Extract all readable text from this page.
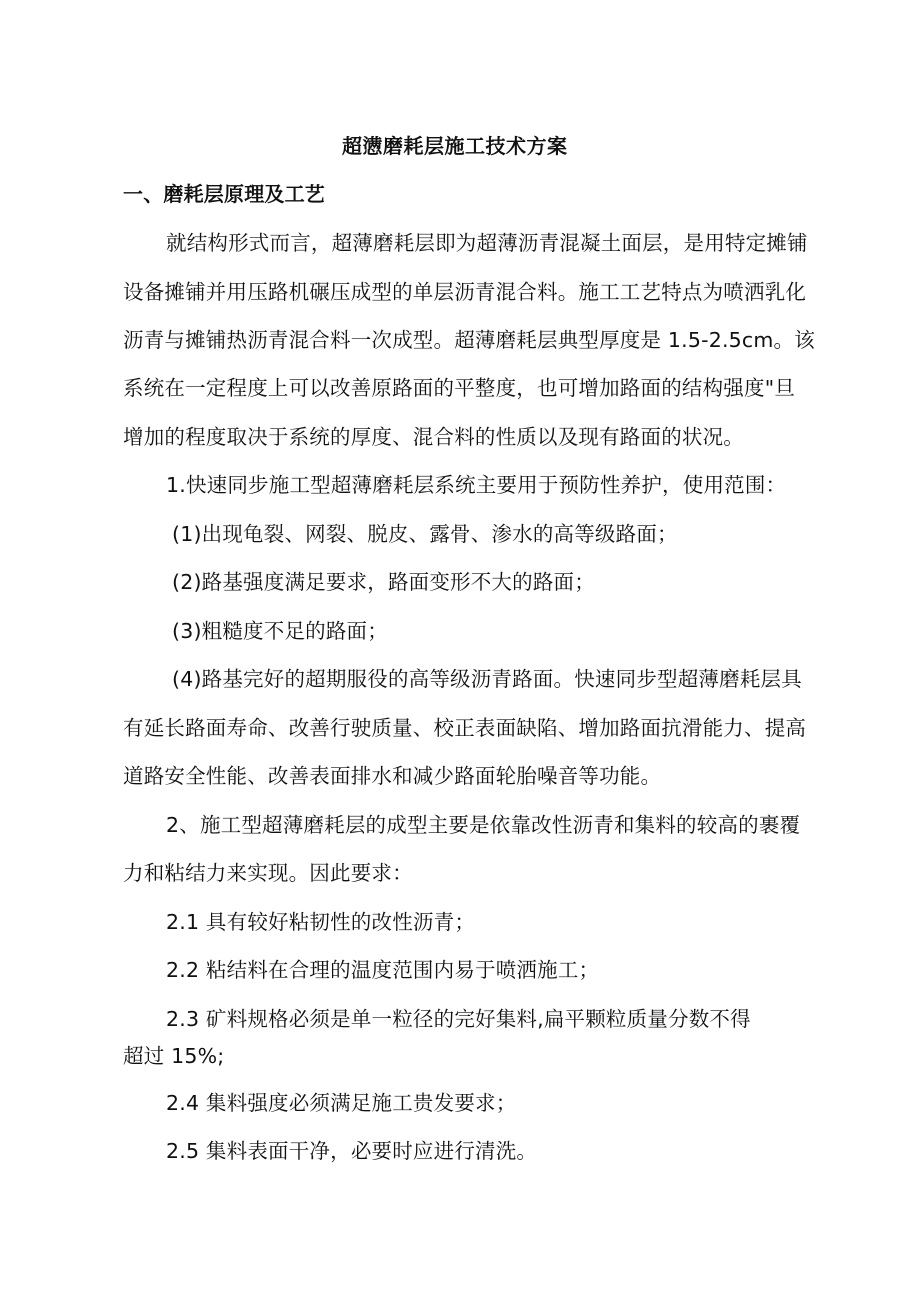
超懑磨耗层施工技术方案
一、磨耗层原理及工艺
就结构形式而言，超薄磨耗层即为超薄沥青混凝土面层，是用特定摊铺
设备摊铺并用压路机碾压成型的单层沥青混合料。施工工艺特点为喷洒乳化
沥青与摊铺热沥青混合料一次成型。超薄磨耗层典型厚度是 1.5-2.5cm。该
系统在一定程度上可以改善原路面的平整度，也可增加路面的结构强度"旦
增加的程度取决于系统的厚度、混合料的性质以及现有路面的状况。
1.快速同步施工型超薄磨耗层系统主要用于预防性养护，使用范围：
(1)出现龟裂、网裂、脱皮、露骨、渗水的高等级路面；
(2)路基强度满足要求，路面变形不大的路面；
(3)粗糙度不足的路面；
(4)路基完好的超期服役的高等级沥青路面。快速同步型超薄磨耗层具
有延长路面寿命、改善行驶质量、校正表面缺陷、增加路面抗滑能力、提高
道路安全性能、改善表面排水和减少路面轮胎噪音等功能。
2、施工型超薄磨耗层的成型主要是依靠改性沥青和集料的较高的裹覆
力和粘结力来实现。因此要求：
2.1 具有较好粘韧性的改性沥青；
2.2 粘结料在合理的温度范围内易于喷洒施工；
2.3 矿料规格必须是单一粒径的完好集料,扁平颗粒质量分数不得
超过 15%;
2.4 集料强度必须满足施工贵发要求；
2.5 集料表面干净，必要时应进行清洗。
